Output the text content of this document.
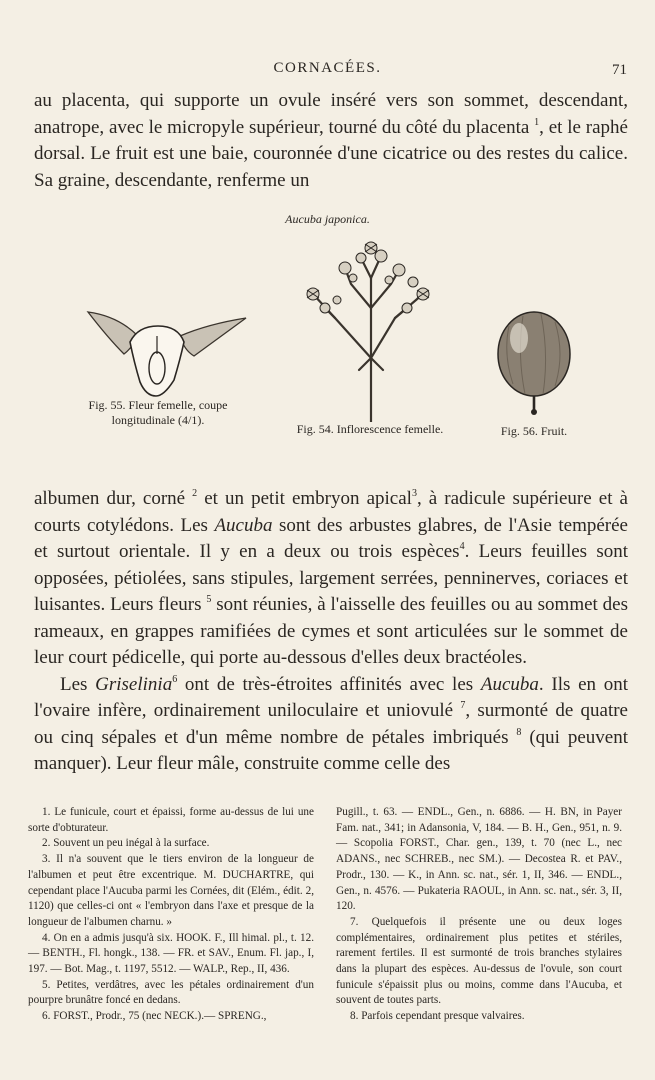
CORNACÉES.	71

au placenta, qui supporte un ovule inséré vers son sommet, descendant, anatrope, avec le micropyle supérieur, tourné du côté du placenta $^1$, et le raphé dorsal. Le fruit est une baie, couronnée d'une cicatrice ou des restes du calice. Sa graine, descendante, renferme un

Aucuba japonica.
Fig. 55. Fleur femelle, coupe longitudinale (4/1).
Fig. 54. Inflorescence femelle.	Fig. 56. Fruit.

albumen dur, corné $^2$ et un petit embryon apical$^3$, à radicule supérieure et à courts cotylédons. Les Aucuba sont des arbustes glabres, de l'Asie tempérée et surtout orientale. Il y en a deux ou trois espèces$^4$. Leurs feuilles sont opposées, pétiolées, sans stipules, largement serrées, penninerves, coriaces et luisantes. Leurs fleurs $^5$ sont réunies, à l'aisselle des feuilles ou au sommet des rameaux, en grappes ramifiées de cymes et sont articulées sur le sommet de leur court pédicelle, qui porte au-dessous d'elles deux bractéoles.

Les Griselinia$^6$ ont de très-étroites affinités avec les Aucuba. Ils en ont l'ovaire infère, ordinairement uniloculaire et uniovulé $^7$, surmonté de quatre ou cinq sépales et d'un même nombre de pétales imbriqués $^8$ (qui peuvent manquer). Leur fleur mâle, construite comme celle des

1. Le funicule, court et épaissi, forme au-dessus de lui une sorte d'obturateur.

2. Souvent un peu inégal à la surface.

3. Il n'a souvent que le tiers environ de la longueur de l'albumen et peut être excentrique. M. DUCHARTRE, qui cependant place l'Aucuba parmi les Cornées, dit (Elém., édit. 2, 1120) que celles-ci ont « l'embryon dans l'axe et presque de la longueur de l'albumen charnu. »

4. On en a admis jusqu'à six. HOOK. F., Ill himal. pl., t. 12. — BENTH., Fl. hongk., 138. — FR. et SAV., Enum. Fl. jap., I, 197. — Bot. Mag., t. 1197, 5512. — WALP., Rep., II, 436.

5. Petites, verdâtres, avec les pétales ordinairement d'un pourpre brunâtre foncé en dedans.

6. FORST., Prodr., 75 (nec NECK.).— SPRENG.,

Pugill., t. 63. — ENDL., Gen., n. 6886. — H. BN, in Payer Fam. nat., 341; in Adansonia, V, 184. — B. H., Gen., 951, n. 9. — Scopolia FORST., Char. gen., 139, t. 70 (nec L., nec ADANS., nec SCHREB., nec SM.). — Decostea R. et PAV., Prodr., 130. — K., in Ann. sc. nat., sér. 1, II, 346. — ENDL., Gen., n. 4576. — Pukateria RAOUL, in Ann. sc. nat., sér. 3, II, 120.

7. Quelquefois il présente une ou deux loges complémentaires, ordinairement plus petites et stériles, rarement fertiles. Il est surmonté de trois branches stylaires dans la plupart des espèces. Au-dessus de l'ovule, son court funicule s'épaissit plus ou moins, comme dans l'Aucuba, et souvent de toutes parts.

8. Parfois cependant presque valvaires.
